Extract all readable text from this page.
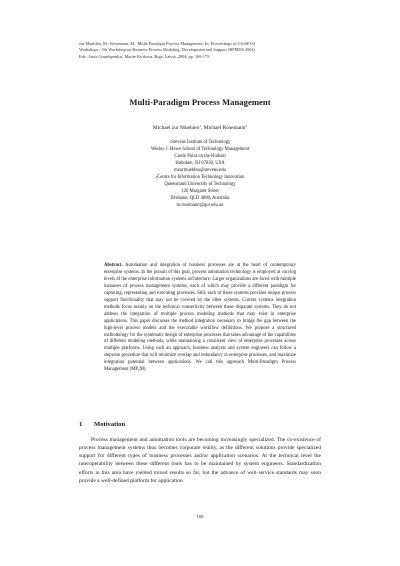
zur Muehlen, M.; Rosemann, M.: Multi-Paradigm Process Management. In: Proceedings of CAiSE'04
Workshops - 5th Workshop on Business Process Modeling, Development and Support (BPMDS 2004).
Eds.: Janis Grundspenkis, Marite Kirikova. Riga, Latvia, 2004, pp. 169-175.
Multi-Paradigm Process Management
Michael zur Muehlen$^1$, Michael Rosemann$^2$
$^1$Stevens Institute of Technology
Wesley J. Howe School of Technology Management
Castle Point on the Hudson
Hoboken, NJ 07030, USA
mzurmuehlen@stevens.edu
$^2$Centre for Information Technology Innovation
Queensland University of Technology
126 Margaret Street
Brisbane, QLD 4000, Australia
m.rosemann@qut.edu.au

Abstract. Automation and integration of business processes are at the heart of contemporary enterprise systems. In the pursuit of this goal, process automation technology is employed at varying levels of the enterprise information systems architecture. Larger organizations are faced with multiple instances of process management systems, each of which may provide a different paradigm for capturing, representing and executing processes. Still, each of these systems provides unique process support functionality that may not be covered by the other systems. Current systems integration methods focus mainly on the technical connectivity between these disparate systems. They do not address the integration of multiple process modeling methods that may exist in enterprise applications. This paper discusses the method integration necessary to bridge the gap between the high-level process models and the executable workflow definitions. We propose a structured methodology for the systematic design of enterprise processes that takes advantage of the capabilities of different modeling methods, while maintaining a consistent view of enterprise processes across multiple platforms. Using such an approach, business analysts and system engineers can follow a stepwise procedure that will minimize overlap and redundancy in enterprise processes, and maximize integration potential between applications. We call this approach Multi-Paradigm Process Management $(MP^2M)$.

1 Motivation

Process management and automation tools are becoming increasingly specialized. The co-existence of process management systems thus becomes corporate reality, as the different solutions provide specialized support for different types of business processes and/or application scenarios. At the technical level the interoperability between these different tools has to be maintained by system engineers. Standardization efforts in this area have yielded mixed results so far, but the advance of web service standards may soon provide a well-defined platform for application

169
